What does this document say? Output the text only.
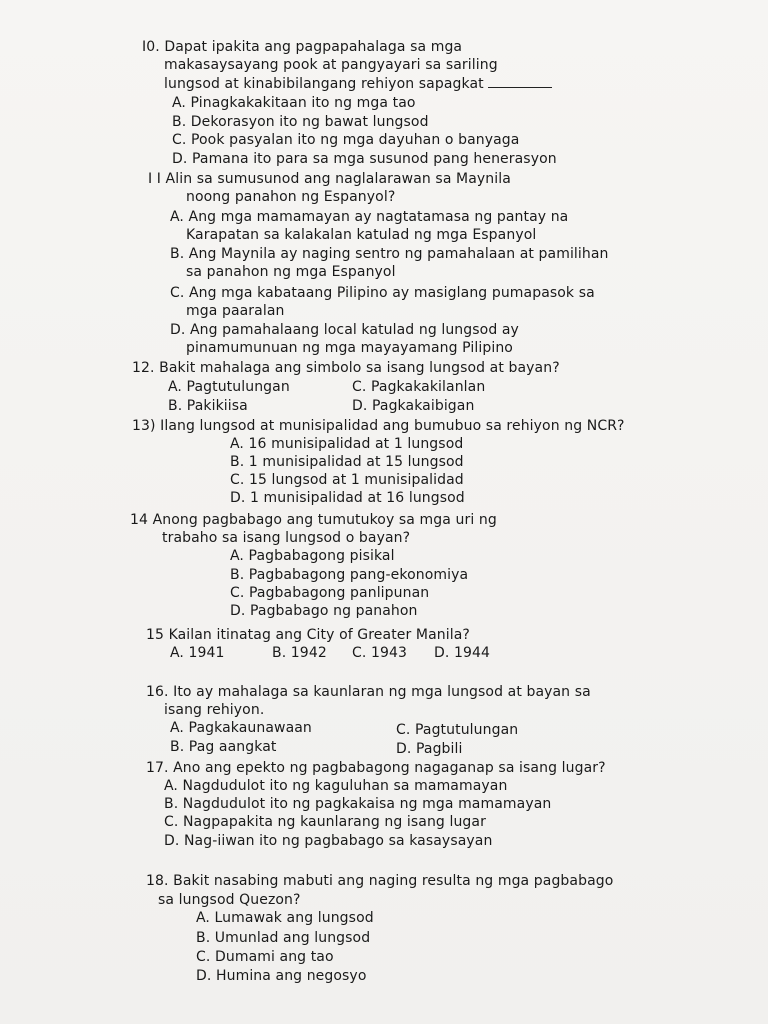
I0. Dapat ipakita ang pagpapahalaga sa mga
makasaysayang pook at pangyayari sa sariling
lungsod at kinabibilangang rehiyon sapagkat
A. Pinagkakakitaan ito ng mga tao
B. Dekorasyon ito ng bawat lungsod
C. Pook pasyalan ito ng mga dayuhan o banyaga
D. Pamana ito para sa mga susunod pang henerasyon
I I Alin sa sumusunod ang naglalarawan sa Maynila
noong panahon ng Espanyol?
A. Ang mga mamamayan ay nagtatamasa ng pantay na
Karapatan sa kalakalan katulad ng mga Espanyol
B. Ang Maynila ay naging sentro ng pamahalaan at pamilihan
sa panahon ng mga Espanyol
C. Ang mga kabataang Pilipino ay masiglang pumapasok sa
mga paaralan
D. Ang pamahalaang local katulad ng lungsod ay
pinamumunuan ng mga mayayamang Pilipino
12. Bakit mahalaga ang simbolo sa isang lungsod at bayan?
A. Pagtutulungan	C. Pagkakakilanlan
B. Pakikiisa	D. Pagkakaibigan
13) Ilang lungsod at munisipalidad ang bumubuo sa rehiyon ng NCR?
A. 16 munisipalidad at 1 lungsod
B. 1 munisipalidad at 15 lungsod
C. 15 lungsod at 1 munisipalidad
D. 1 munisipalidad at 16 lungsod
14 Anong pagbabago ang tumutukoy sa mga uri ng
trabaho sa isang lungsod o bayan?
A. Pagbabagong pisikal
B. Pagbabagong pang-ekonomiya
C. Pagbabagong panlipunan
D. Pagbabago ng panahon
15 Kailan itinatag ang City of Greater Manila?
A. 1941	B. 1942 C. 1943 D. 1944
16. Ito ay mahalaga sa kaunlaran ng mga lungsod at bayan sa
isang rehiyon.
A. Pagkakaunawaan	C. Pagtutulungan
B. Pag aangkat	D. Pagbili
17. Ano ang epekto ng pagbabagong nagaganap sa isang lugar?
A. Nagdudulot ito ng kaguluhan sa mamamayan
B. Nagdudulot ito ng pagkakaisa ng mga mamamayan
C. Nagpapakita ng kaunlarang ng isang lugar
D. Nag-iiwan ito ng pagbabago sa kasaysayan
18. Bakit nasabing mabuti ang naging resulta ng mga pagbabago
sa lungsod Quezon?
A. Lumawak ang lungsod
B. Umunlad ang lungsod
C. Dumami ang tao
D. Humina ang negosyo
